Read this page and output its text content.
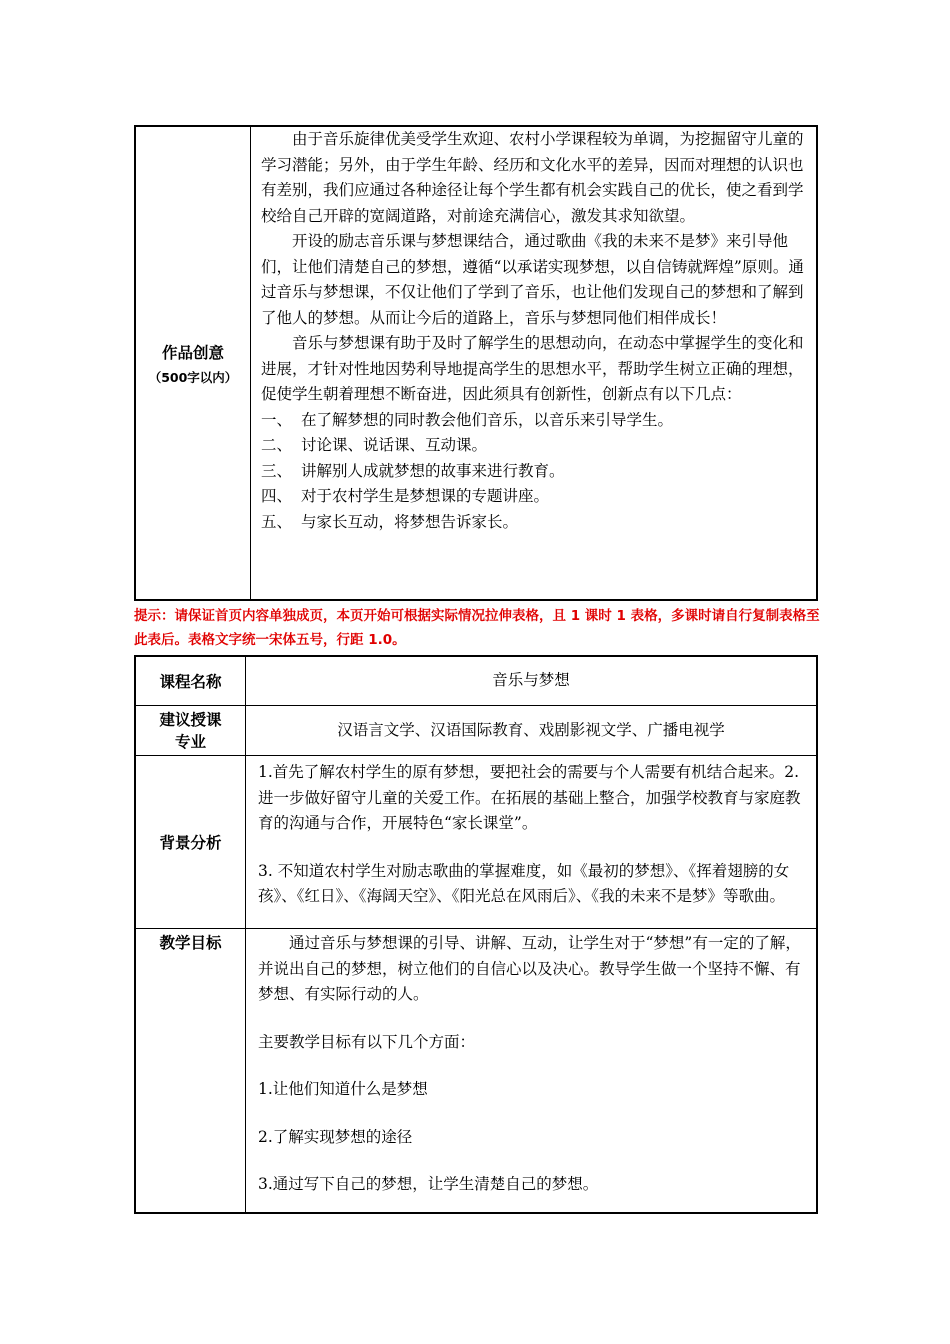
作品创意
（500字以内）

由于音乐旋律优美受学生欢迎、农村小学课程较为单调，为挖掘留守儿童的学习潜能；另外，由于学生年龄、经历和文化水平的差异，因而对理想的认识也有差别，我们应通过各种途径让每个学生都有机会实践自己的优长，使之看到学校给自己开辟的宽阔道路，对前途充满信心，激发其求知欲望。

开设的励志音乐课与梦想课结合，通过歌曲《我的未来不是梦》来引导他们，让他们清楚自己的梦想，遵循“以承诺实现梦想，以自信铸就辉煌”原则。通过音乐与梦想课，不仅让他们了学到了音乐，也让他们发现自己的梦想和了解到了他人的梦想。从而让今后的道路上，音乐与梦想同他们相伴成长！

音乐与梦想课有助于及时了解学生的思想动向，在动态中掌握学生的变化和进展，才针对性地因势利导地提高学生的思想水平，帮助学生树立正确的理想，促使学生朝着理想不断奋进，因此须具有创新性，创新点有以下几点：

一、 在了解梦想的同时教会他们音乐，以音乐来引导学生。
二、 讨论课、说话课、互动课。
三、 讲解别人成就梦想的故事来进行教育。
四、 对于农村学生是梦想课的专题讲座。
五、 与家长互动，将梦想告诉家长。
提示：请保证首页内容单独成页，本页开始可根据实际情况拉伸表格，且 1 课时 1 表格，多课时请自行复制表格至此表后。表格文字统一宋体五号，行距 1.0。
课程名称	音乐与梦想
建议授课专业
汉语言文学、汉语国际教育、戏剧影视文学、广播电视学
背景分析

1.首先了解农村学生的原有梦想，要把社会的需要与个人需要有机结合起来。2.进一步做好留守儿童的关爱工作。在拓展的基础上整合，加强学校教育与家庭教育的沟通与合作，开展特色“家长课堂”。

3. 不知道农村学生对励志歌曲的掌握难度，如《最初的梦想》、《挥着翅膀的女孩》、《红日》、《海阔天空》、《阳光总在风雨后》、《我的未来不是梦》等歌曲。

教学目标	通过音乐与梦想课的引导、讲解、互动，让学生对于“梦想”有一定的了解，并说出自己的梦想，树立他们的自信心以及决心。教导学生做一个坚持不懈、有梦想、有实际行动的人。

主要教学目标有以下几个方面：

1.让他们知道什么是梦想

2.了解实现梦想的途径

3.通过写下自己的梦想，让学生清楚自己的梦想。
